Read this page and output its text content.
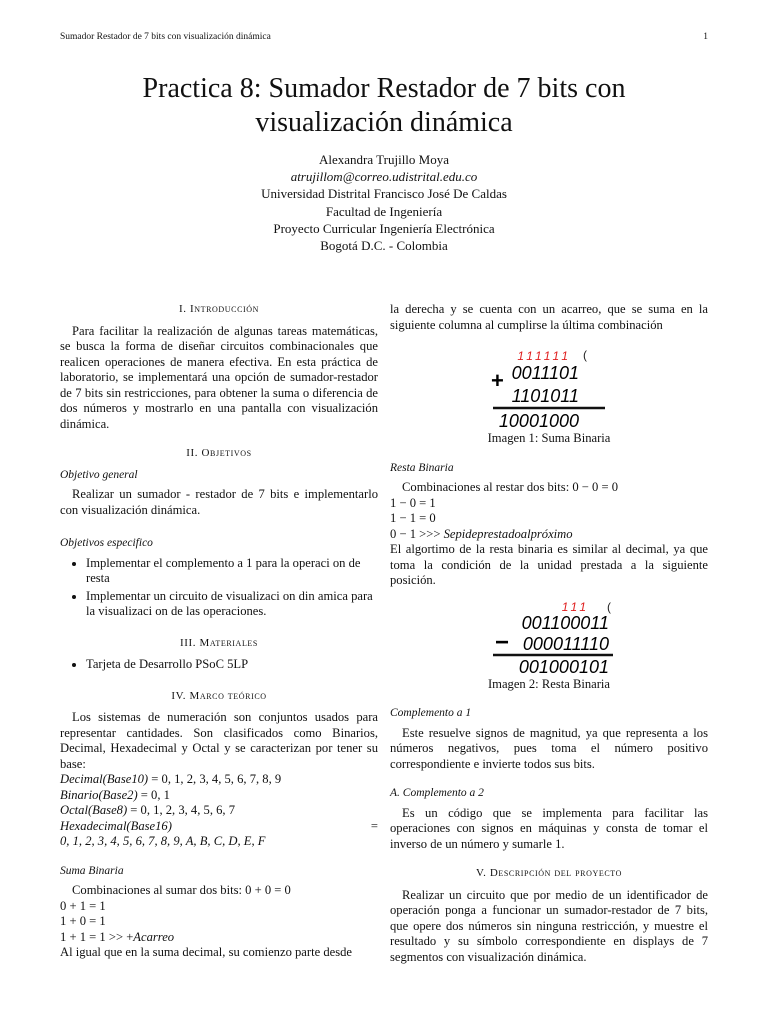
Sumador Restador de 7 bits con visualización dinámica	1
Practica 8: Sumador Restador de 7 bits con
visualización dinámica
Alexandra Trujillo Moya
atrujillom@correo.udistrital.edu.co
Universidad Distrital Francisco José De Caldas
Facultad de Ingeniería
Proyecto Curricular Ingeniería Electrónica
Bogotá D.C. - Colombia
I. Introducción

Para facilitar la realización de algunas tareas matemáticas, se busca la forma de diseñar circuitos combinacionales que realicen operaciones de manera efectiva. En esta práctica de laboratorio, se implementará una opción de sumador-restador de 7 bits sin restricciones, para obtener la suma o diferencia de dos números y mostrarlo en una pantalla con visualización dinámica.

II. Objetivos
Objetivo general

Realizar un sumador - restador de 7 bits e implementarlo con visualización dinámica.

Objetivos especifico
• Implementar el complemento a 1 para la operaci on de resta
• Implementar un circuito de visualizaci on din amica para la visualizaci on de las operaciones.
III. Materiales
• Tarjeta de Desarrollo PSoC 5LP
IV. Marco teórico

Los sistemas de numeración son conjuntos usados para representar cantidades. Son clasificados como Binarios, Decimal, Hexadecimal y Octal y se caracterizan por tener su base:

Decimal(Base10) = 0, 1, 2, 3, 4, 5, 6, 7, 8, 9
Binario(Base2) = 0, 1
Octal(Base8) = 0, 1, 2, 3, 4, 5, 6, 7
Hexadecimal(Base16)	=
0, 1, 2, 3, 4, 5, 6, 7, 8, 9, A, B, C, D, E, F
Suma Binaria

Combinaciones al sumar dos bits: 0 + 0 = 0

0 + 1 = 1
1 + 0 = 1
1 + 1 = 1 >> +Acarreo

Al igual que en la suma decimal, su comienzo parte desde

la derecha y se cuenta con un acarreo, que se suma en la siguiente columna al cumplirse la última combinación

111111 (
0011101
+
1101011
10001000
Imagen 1: Suma Binaria
Resta Binaria

Combinaciones al restar dos bits: 0 − 0 = 0

1 − 0 = 1
1 − 1 = 0
0 − 1 >>> Sepideprestadoalpróximo

El algortimo de la resta binaria es similar al decimal, ya que toma la condición de la unidad prestada a la siguiente posición.

111 (
001100011
− 000011110
001000101
Imagen 2: Resta Binaria
Complemento a 1

Este resuelve signos de magnitud, ya que representa a los números negativos, pues toma el número positivo correspondiente e invierte todos sus bits.

A. Complemento a 2

Es un código que se implementa para facilitar las operaciones con signos en máquinas y consta de tomar el inverso de un número y sumarle 1.

V. Descripción del proyecto

Realizar un circuito que por medio de un identificador de operación ponga a funcionar un sumador-restador de 7 bits, que opere dos números sin ninguna restricción, y muestre el resultado y su símbolo correspondiente en displays de 7 segmentos con visualización dinámica.
